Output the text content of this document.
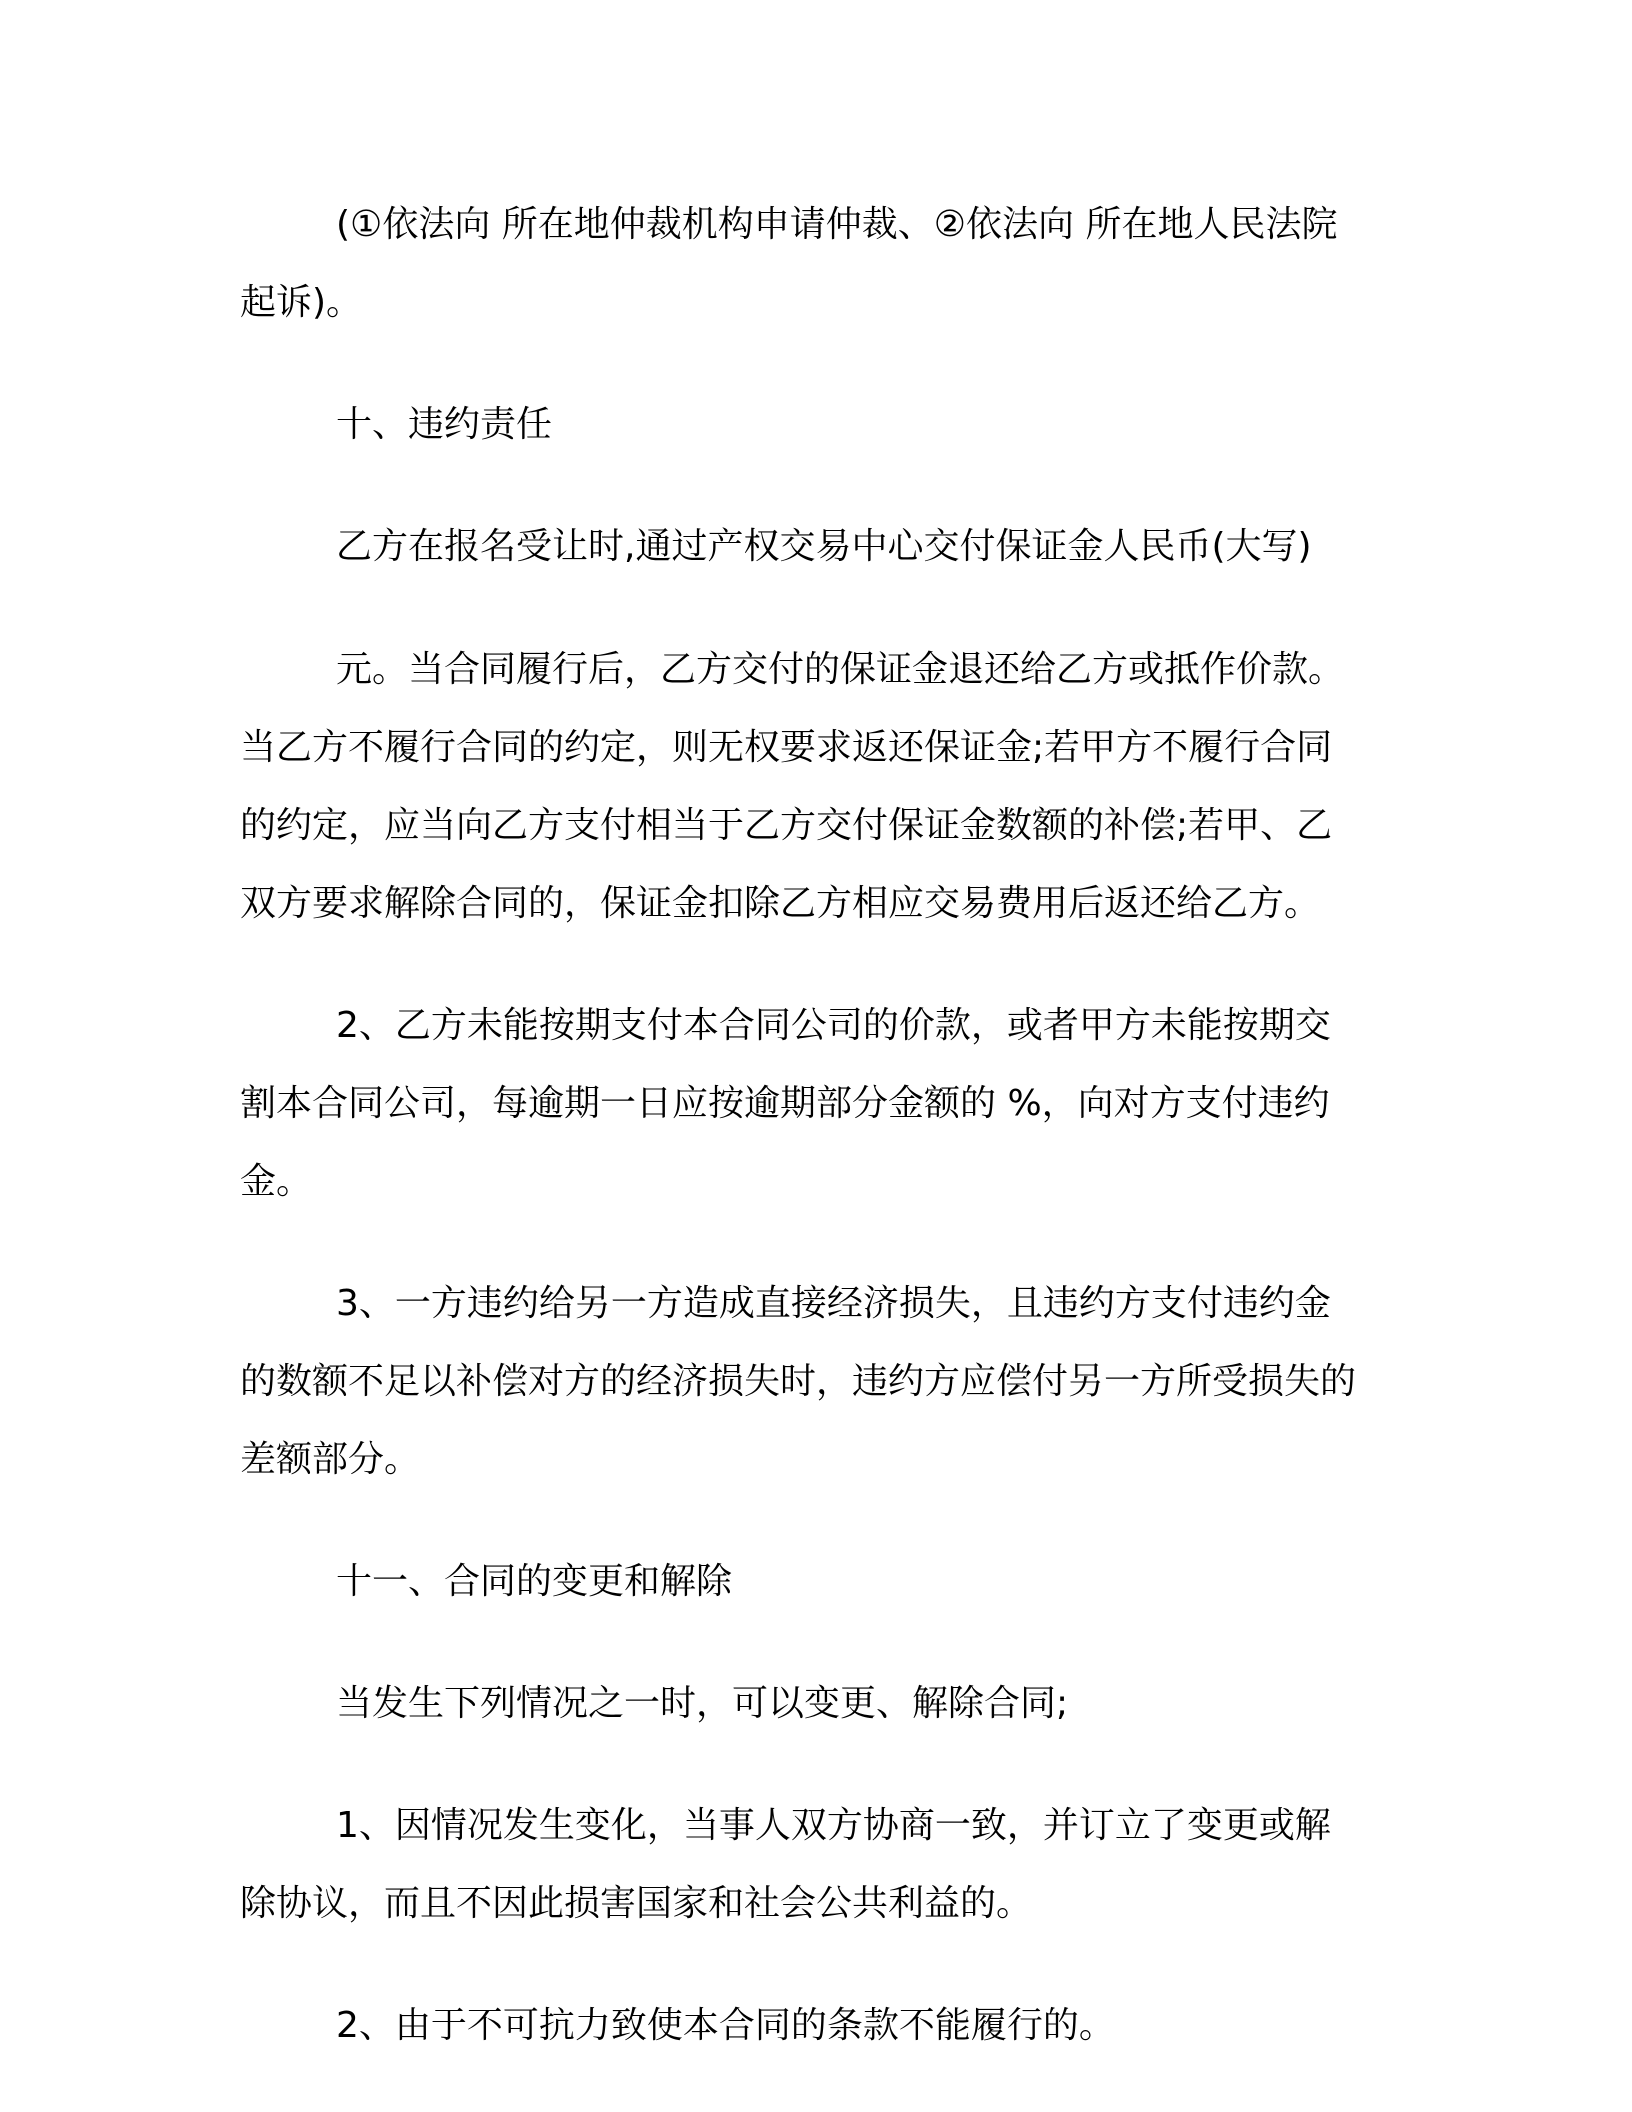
(①依法向 所在地仲裁机构申请仲裁、②依法向 所在地人民法院起诉)。

十、违约责任

乙方在报名受让时,通过产权交易中心交付保证金人民币(大写)

元。当合同履行后，乙方交付的保证金退还给乙方或抵作价款。当乙方不履行合同的约定，则无权要求返还保证金;若甲方不履行合同的约定，应当向乙方支付相当于乙方交付保证金数额的补偿;若甲、乙双方要求解除合同的，保证金扣除乙方相应交易费用后返还给乙方。

2、乙方未能按期支付本合同公司的价款，或者甲方未能按期交割本合同公司，每逾期一日应按逾期部分金额的 %，向对方支付违约金。

3、一方违约给另一方造成直接经济损失，且违约方支付违约金的数额不足以补偿对方的经济损失时，违约方应偿付另一方所受损失的差额部分。

十一、合同的变更和解除

当发生下列情况之一时，可以变更、解除合同;

1、因情况发生变化，当事人双方协商一致，并订立了变更或解除协议，而且不因此损害国家和社会公共利益的。

2、由于不可抗力致使本合同的条款不能履行的。
